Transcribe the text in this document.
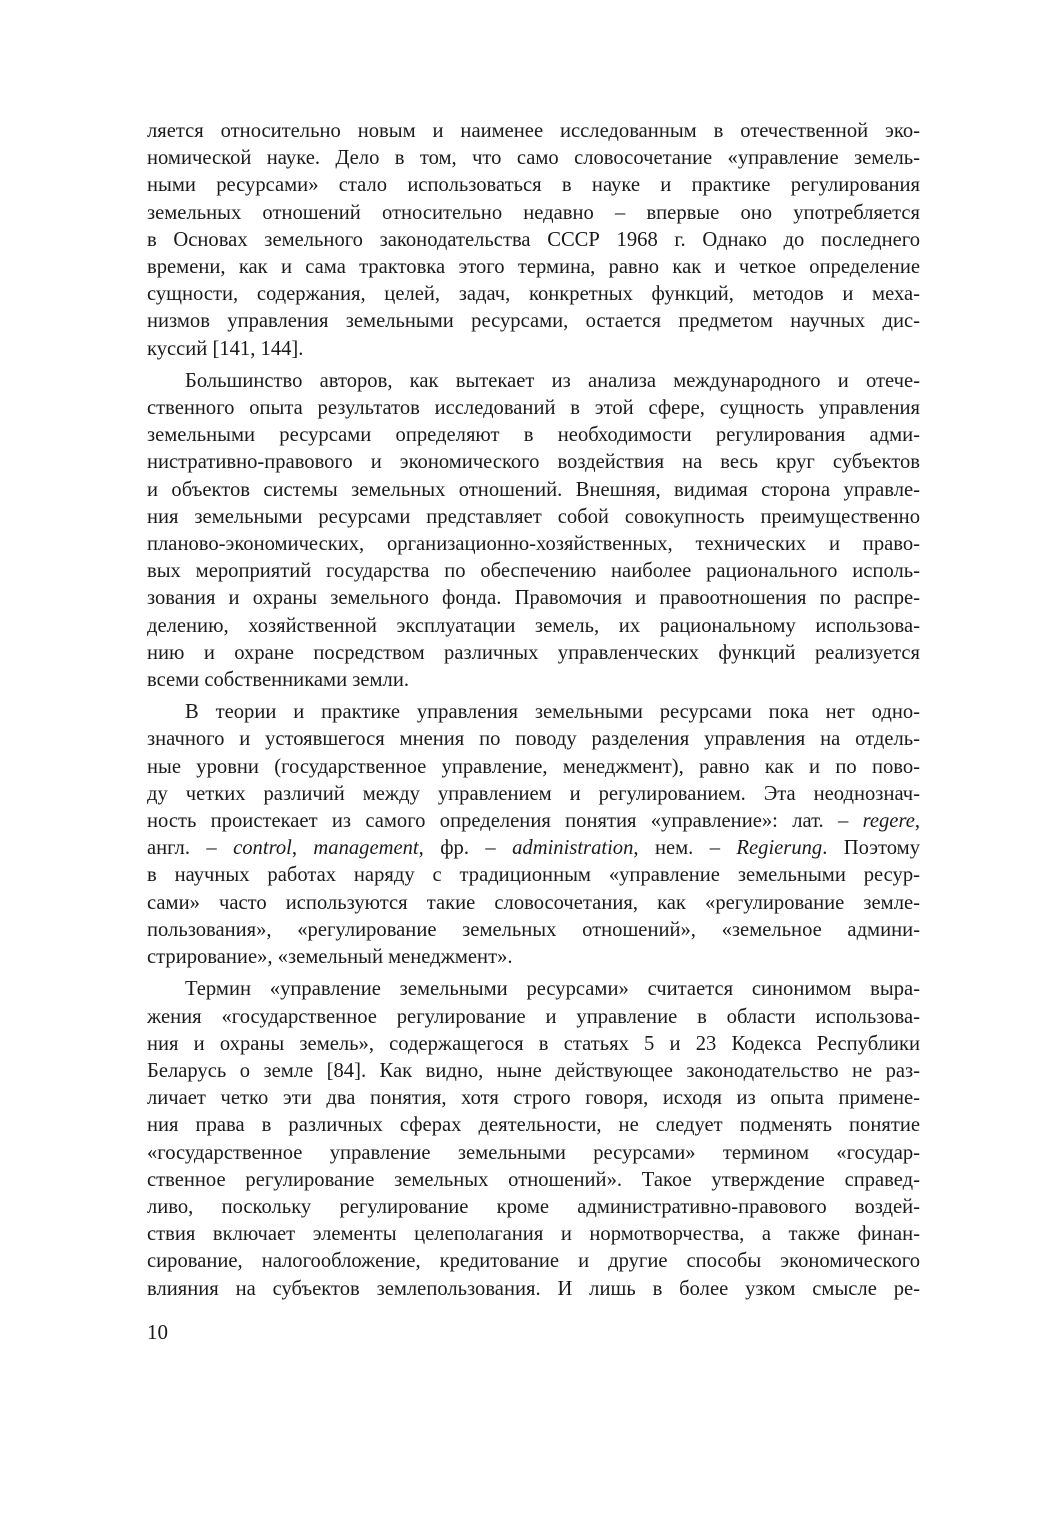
ляется относительно новым и наименее исследованным в отечественной эко-
номической науке. Дело в том, что само словосочетание «управление земель-
ными ресурсами» стало использоваться в науке и практике регулирования
земельных отношений относительно недавно – впервые оно употребляется
в Основах земельного законодательства СССР 1968 г. Однако до последнего
времени, как и сама трактовка этого термина, равно как и четкое определение
сущности, содержания, целей, задач, конкретных функций, методов и меха-
низмов управления земельными ресурсами, остается предметом научных дис-
куссий [141, 144].
Большинство авторов, как вытекает из анализа международного и отече-
ственного опыта результатов исследований в этой сфере, сущность управления
земельными ресурсами определяют в необходимости регулирования адми-
нистративно-правового и экономического воздействия на весь круг субъектов
и объектов системы земельных отношений. Внешняя, видимая сторона управле-
ния земельными ресурсами представляет собой совокупность преимущественно
планово-экономических, организационно-хозяйственных, технических и право-
вых мероприятий государства по обеспечению наиболее рационального исполь-
зования и охраны земельного фонда. Правомочия и правоотношения по распре-
делению, хозяйственной эксплуатации земель, их рациональному использова-
нию и охране посредством различных управленческих функций реализуется
всеми собственниками земли.
В теории и практике управления земельными ресурсами пока нет одно-
значного и устоявшегося мнения по поводу разделения управления на отдель-
ные уровни (государственное управление, менеджмент), равно как и по пово-
ду четких различий между управлением и регулированием. Эта неоднознач-
ность проистекает из самого определения понятия «управление»: лат. – regere,
англ. – control, management, фр. – administration, нем. – Regierung. Поэтому
в научных работах наряду с традиционным «управление земельными ресур-
сами» часто используются такие словосочетания, как «регулирование земле-
пользования», «регулирование земельных отношений», «земельное админи-
стрирование», «земельный менеджмент».
Термин «управление земельными ресурсами» считается синонимом выра-
жения «государственное регулирование и управление в области использова-
ния и охраны земель», содержащегося в статьях 5 и 23 Кодекса Республики
Беларусь о земле [84]. Как видно, ныне действующее законодательство не раз-
личает четко эти два понятия, хотя строго говоря, исходя из опыта примене-
ния права в различных сферах деятельности, не следует подменять понятие
«государственное управление земельными ресурсами» термином «государ-
ственное регулирование земельных отношений». Такое утверждение справед-
ливо, поскольку регулирование кроме административно-правового воздей-
ствия включает элементы целеполагания и нормотворчества, а также финан-
сирование, налогообложение, кредитование и другие способы экономического
влияния на субъектов землепользования. И лишь в более узком смысле ре-
10
